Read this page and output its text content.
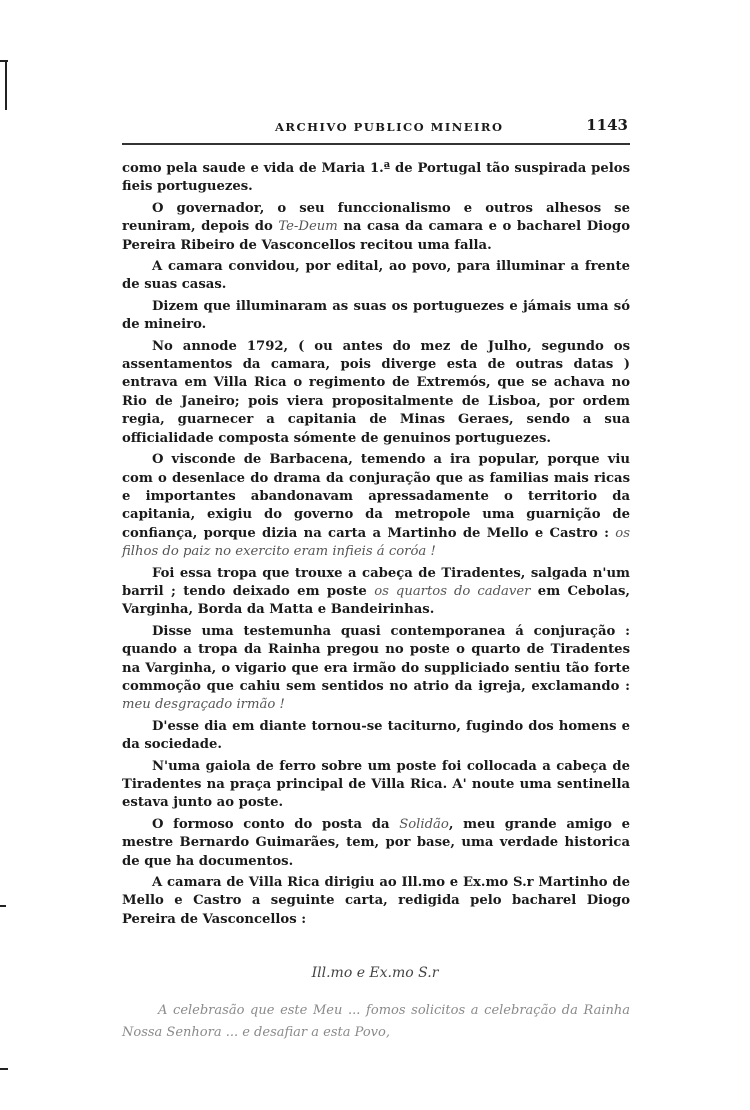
ARCHIVO PUBLICO MINEIRO	1143

como pela saude e vida de Maria 1.ª de Portugal tão suspirada pelos fieis portuguezes.

O governador, o seu funccionalismo e outros alhesos se reuniram, depois do Te-Deum na casa da camara e o bacharel Diogo Pereira Ribeiro de Vasconcellos recitou uma falla.

A camara convidou, por edital, ao povo, para illuminar a frente de suas casas.

Dizem que illuminaram as suas os portuguezes e jámais uma só de mineiro.

No annode 1792, ( ou antes do mez de Julho, segundo os assentamentos da camara, pois diverge esta de outras datas ) entrava em Villa Rica o regimento de Extremós, que se achava no Rio de Janeiro; pois viera propositalmente de Lisboa, por ordem regia, guarnecer a capitania de Minas Geraes, sendo a sua officialidade composta sómente de genuinos portuguezes.

O visconde de Barbacena, temendo a ira popular, porque viu com o desenlace do drama da conjuração que as familias mais ricas e importantes abandonavam apressadamente o territorio da capitania, exigiu do governo da metropole uma guarnição de confiança, porque dizia na carta a Martinho de Mello e Castro : os filhos do paiz no exercito eram infieis á coróa !

Foi essa tropa que trouxe a cabeça de Tiradentes, salgada n'um barril ; tendo deixado em poste os quartos do cadaver em Cebolas, Varginha, Borda da Matta e Bandeirinhas.

Disse uma testemunha quasi contemporanea á conjuração : quando a tropa da Rainha pregou no poste o quarto de Tiradentes na Varginha, o vigario que era irmão do suppliciado sentiu tão forte commoção que cahiu sem sentidos no atrio da igreja, exclamando : meu desgraçado irmão !

D'esse dia em diante tornou-se taciturno, fugindo dos homens e da sociedade.

N'uma gaiola de ferro sobre um poste foi collocada a cabeça de Tiradentes na praça principal de Villa Rica. A' noute uma sentinella estava junto ao poste.

O formoso conto do posta da Solidão, meu grande amigo e mestre Bernardo Guimarães, tem, por base, uma verdade historica de que ha documentos.

A camara de Villa Rica dirigiu ao Ill.mo e Ex.mo S.r Martinho de Mello e Castro a seguinte carta, redigida pelo bacharel Diogo Pereira de Vasconcellos :

Ill.mo e Ex.mo S.r
A celebrasão que este Meu ... fomos solicitos a celebração da Rainha Nossa Senhora ... e desafiar a esta Povo,
